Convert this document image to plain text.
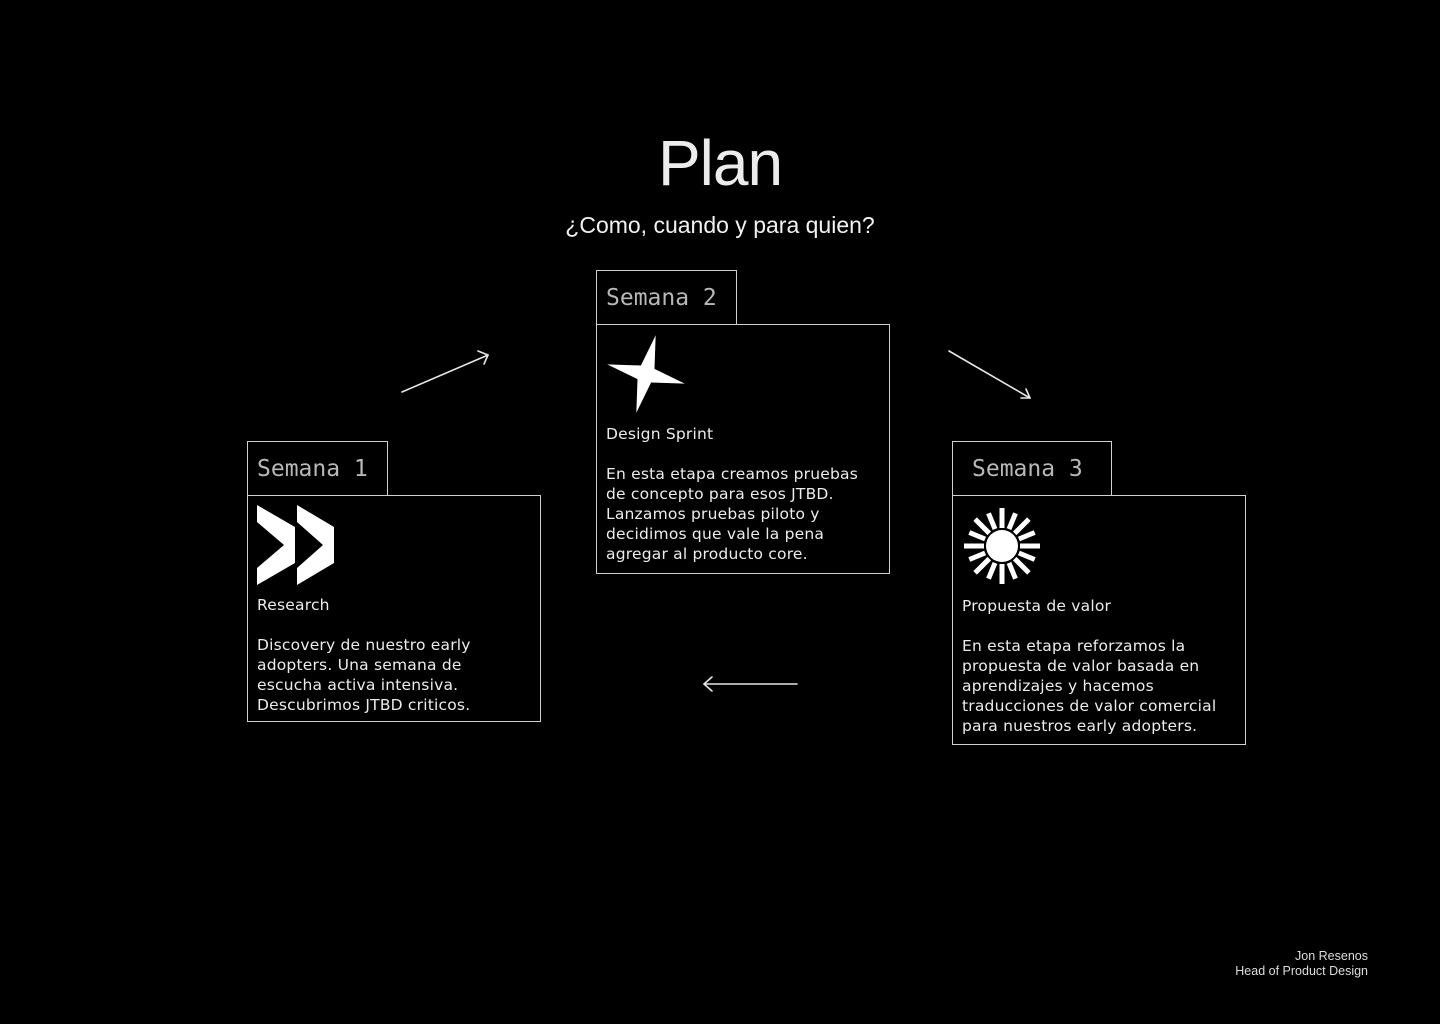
Plan
¿Como, cuando y para quien?
Semana 1
Research
Discovery de nuestro early
adopters. Una semana de
escucha activa intensiva.
Descubrimos JTBD criticos.
Semana 2
Design Sprint
En esta etapa creamos pruebas
de concepto para esos JTBD.
Lanzamos pruebas piloto y
decidimos que vale la pena
agregar al producto core.
Semana 3
Propuesta de valor
En esta etapa reforzamos la
propuesta de valor basada en
aprendizajes y hacemos
traducciones de valor comercial
para nuestros early adopters.
Jon Resenos
Head of Product Design
